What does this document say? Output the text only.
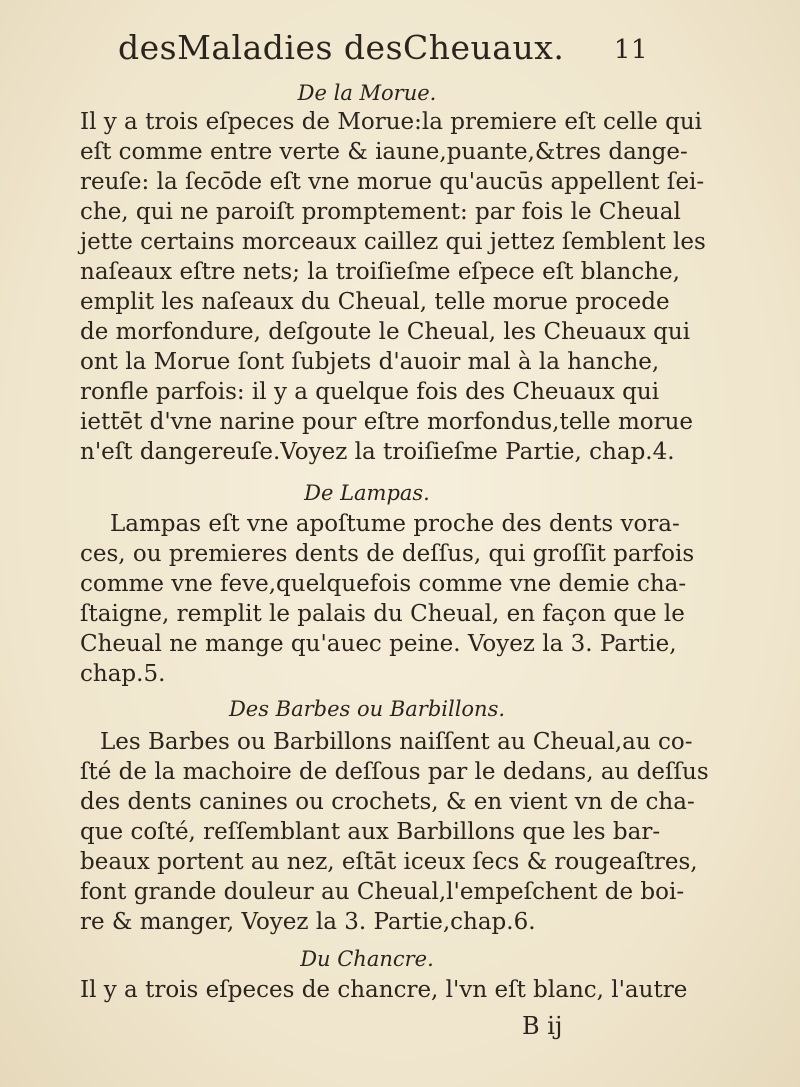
desMaladies desCheuaux. 11
De la Morue.
Il y a trois eſpeces de Morue:la premiere eſt celle qui
eſt comme entre verte & iaune,puante,&tres dange-
reuſe: la ſecōde eſt vne morue qu'aucūs appellent ſei-
che, qui ne paroiſt promptement: par fois le Cheual
jette certains morceaux caillez qui jettez ſemblent les
naſeaux eſtre nets; la troiſieſme eſpece eſt blanche,
emplit les naſeaux du Cheual, telle morue procede
de morfondure, deſgoute le Cheual, les Cheuaux qui
ont la Morue ſont ſubjets d'auoir mal à la hanche,
ronfle parfois: il y a quelque fois des Cheuaux qui
iettēt d'vne narine pour eſtre morfondus,telle morue
n'eſt dangereuſe.Voyez la troiſieſme Partie, chap.4.
De Lampas.
Lampas eſt vne apoſtume proche des dents vora-
ces, ou premieres dents de deſſus, qui groſſit parfois
comme vne feve,quelquefois comme vne demie cha-
ſtaigne, remplit le palais du Cheual, en façon que le
Cheual ne mange qu'auec peine. Voyez la 3. Partie,
chap.5.
Des Barbes ou Barbillons.
Les Barbes ou Barbillons naiſſent au Cheual,au co-
ſté de la machoire de deſſous par le dedans, au deſſus
des dents canines ou crochets, & en vient vn de cha-
que coſté, reſſemblant aux Barbillons que les bar-
beaux portent au nez, eſtāt iceux ſecs & rougeaſtres,
font grande douleur au Cheual,l'empeſchent de boi-
re & manger, Voyez la 3. Partie,chap.6.
Du Chancre.
Il y a trois eſpeces de chancre, l'vn eſt blanc, l'autre
B ij
